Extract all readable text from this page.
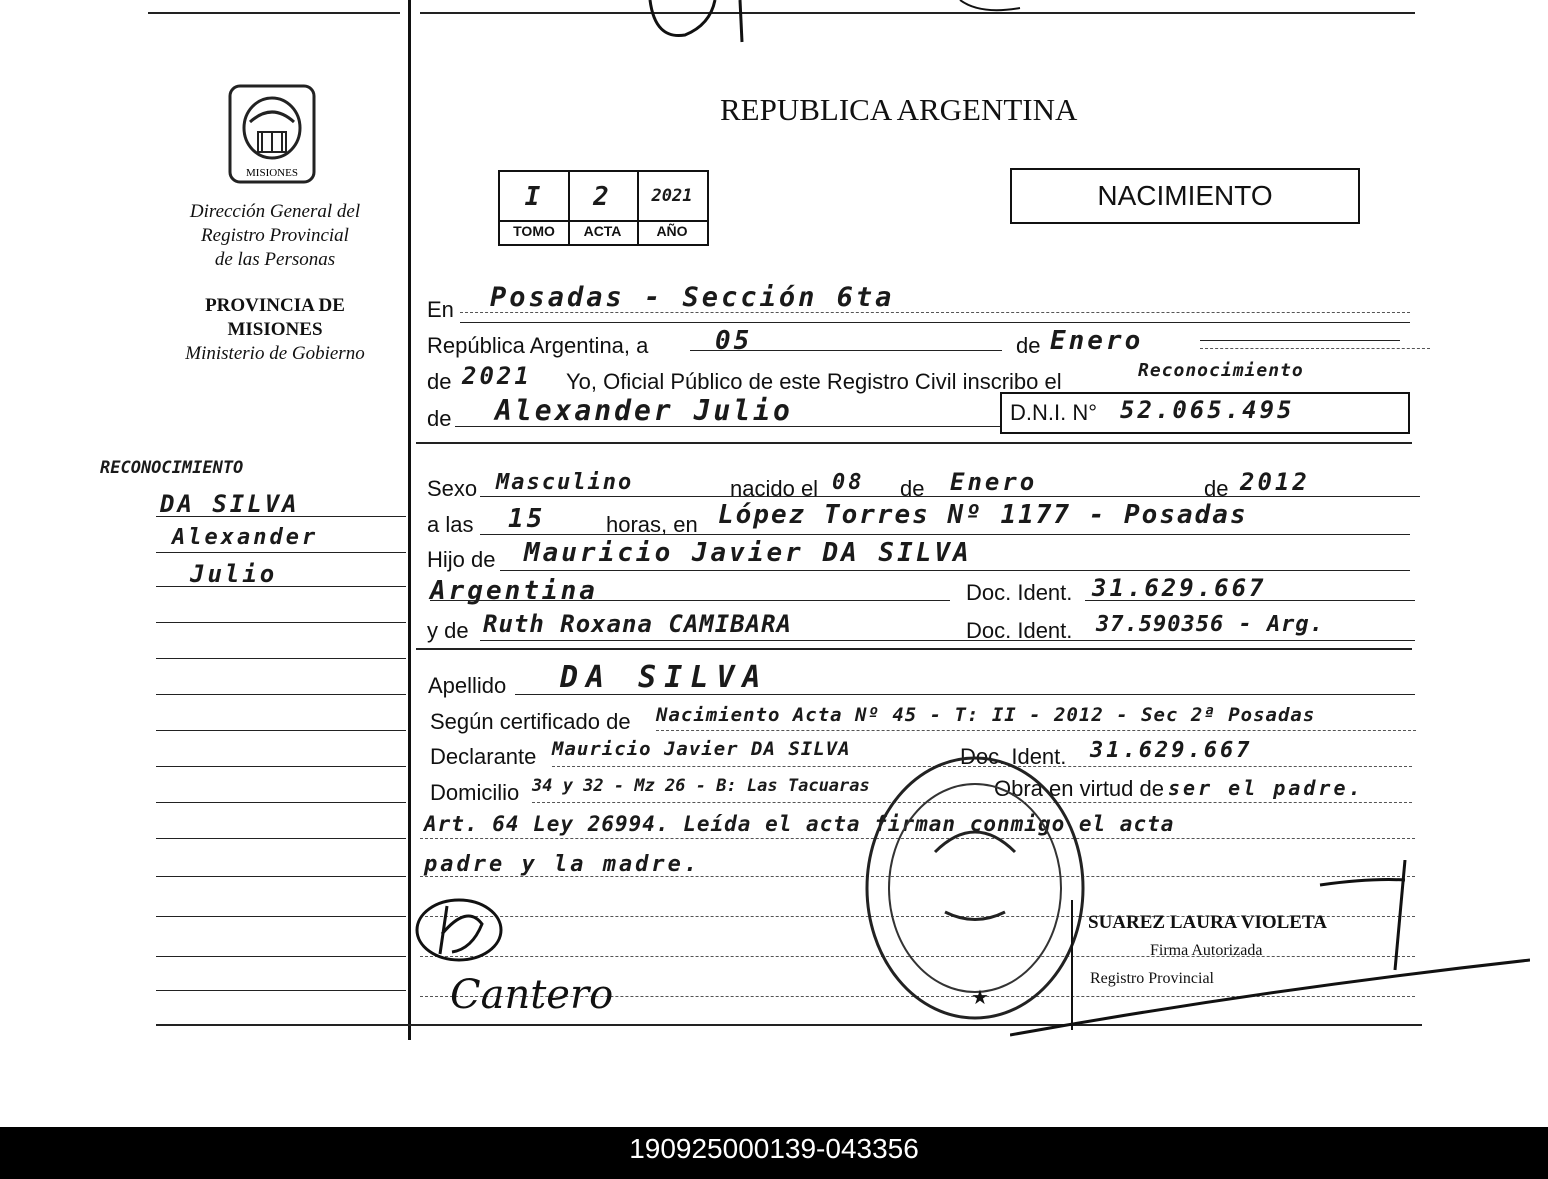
MISIONES
Dirección General del
Registro Provincial
de las Personas
PROVINCIA DE
MISIONES
Ministerio de Gobierno
REPUBLICA ARGENTINA
I	2	2021
TOMO	ACTA	AÑO
NACIMIENTO
En Posadas - Sección 6ta
República Argentina, a	05	de Enero
de 2021 Yo, Oficial Público de este Registro Civil inscribo el	Reconocimiento
de Alexander Julio	D.N.I. N° 52.065.495
Sexo Masculino	nacido el 08 de Enero	de 2012
a las 15	horas, en López Torres Nº 1177 - Posadas
Hijo de Mauricio Javier DA SILVA
Argentina	Doc. Ident. 31.629.667
y de Ruth Roxana CAMIBARA	Doc. Ident. 37.590356 - Arg.
Apellido DA SILVA
Según certificado de Nacimiento Acta Nº 45 - T: II - 2012 - Sec 2ª Posadas
Declarante Mauricio Javier DA SILVA	Doc. Ident. 31.629.667
Domicilio 34 y 32 - Mz 26 - B: Las Tacuaras	Obra en virtud de ser el padre.
Art. 64 Ley 26994. Leída el acta firman conmigo el acta
padre y la madre.
RECONOCIMIENTO
DA SILVA
Alexander
Julio
Cantero	★
SUAREZ LAURA VIOLETA
Firma Autorizada
Registro Provincial
190925000139-043356
